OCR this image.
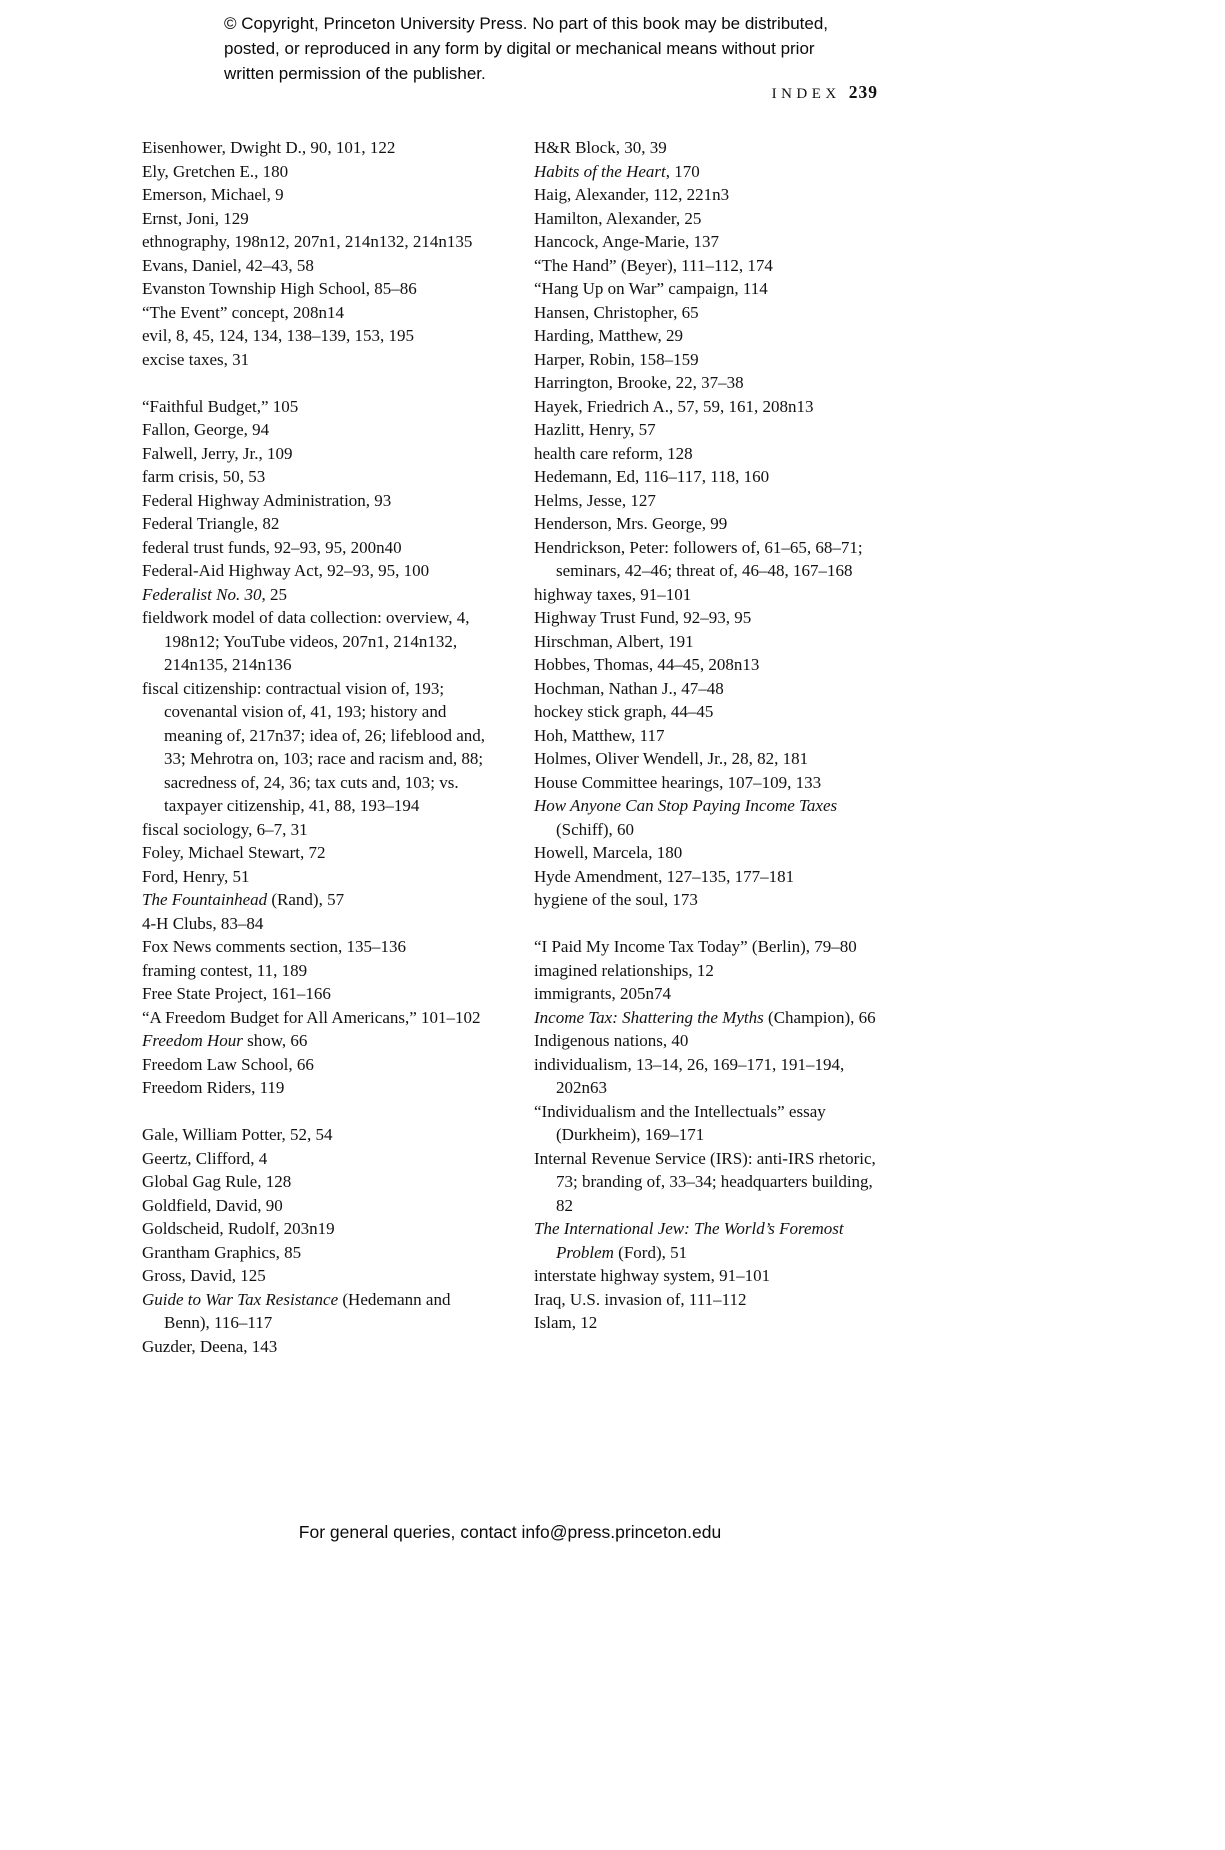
© Copyright, Princeton University Press. No part of this book may be distributed, posted, or reproduced in any form by digital or mechanical means without prior written permission of the publisher.
INDEX 239

Eisenhower, Dwight D., 90, 101, 122

Ely, Gretchen E., 180

Emerson, Michael, 9

Ernst, Joni, 129

ethnography, 198n12, 207n1, 214n132, 214n135

Evans, Daniel, 42–43, 58

Evanston Township High School, 85–86

“The Event” concept, 208n14

evil, 8, 45, 124, 134, 138–139, 153, 195

excise taxes, 31

“Faithful Budget,” 105

Fallon, George, 94

Falwell, Jerry, Jr., 109

farm crisis, 50, 53

Federal Highway Administration, 93

Federal Triangle, 82

federal trust funds, 92–93, 95, 200n40

Federal-Aid Highway Act, 92–93, 95, 100

Federalist No. 30, 25

fieldwork model of data collection: overview, 4, 198n12; YouTube videos, 207n1, 214n132, 214n135, 214n136

fiscal citizenship: contractual vision of, 193; covenantal vision of, 41, 193; history and meaning of, 217n37; idea of, 26; lifeblood and, 33; Mehrotra on, 103; race and racism and, 88; sacredness of, 24, 36; tax cuts and, 103; vs. taxpayer citizenship, 41, 88, 193–194

fiscal sociology, 6–7, 31

Foley, Michael Stewart, 72

Ford, Henry, 51

The Fountainhead (Rand), 57

4-H Clubs, 83–84

Fox News comments section, 135–136

framing contest, 11, 189

Free State Project, 161–166

“A Freedom Budget for All Americans,” 101–102

Freedom Hour show, 66

Freedom Law School, 66

Freedom Riders, 119

Gale, William Potter, 52, 54

Geertz, Clifford, 4

Global Gag Rule, 128

Goldfield, David, 90

Goldscheid, Rudolf, 203n19

Grantham Graphics, 85

Gross, David, 125

Guide to War Tax Resistance (Hedemann and Benn), 116–117

Guzder, Deena, 143

H&R Block, 30, 39

Habits of the Heart, 170

Haig, Alexander, 112, 221n3

Hamilton, Alexander, 25

Hancock, Ange-Marie, 137

“The Hand” (Beyer), 111–112, 174

“Hang Up on War” campaign, 114

Hansen, Christopher, 65

Harding, Matthew, 29

Harper, Robin, 158–159

Harrington, Brooke, 22, 37–38

Hayek, Friedrich A., 57, 59, 161, 208n13

Hazlitt, Henry, 57

health care reform, 128

Hedemann, Ed, 116–117, 118, 160

Helms, Jesse, 127

Henderson, Mrs. George, 99

Hendrickson, Peter: followers of, 61–65, 68–71; seminars, 42–46; threat of, 46–48, 167–168

highway taxes, 91–101

Highway Trust Fund, 92–93, 95

Hirschman, Albert, 191

Hobbes, Thomas, 44–45, 208n13

Hochman, Nathan J., 47–48

hockey stick graph, 44–45

Hoh, Matthew, 117

Holmes, Oliver Wendell, Jr., 28, 82, 181

House Committee hearings, 107–109, 133

How Anyone Can Stop Paying Income Taxes (Schiff), 60

Howell, Marcela, 180

Hyde Amendment, 127–135, 177–181

hygiene of the soul, 173

“I Paid My Income Tax Today” (Berlin), 79–80

imagined relationships, 12

immigrants, 205n74

Income Tax: Shattering the Myths (Champion), 66

Indigenous nations, 40

individualism, 13–14, 26, 169–171, 191–194, 202n63

“Individualism and the Intellectuals” essay (Durkheim), 169–171

Internal Revenue Service (IRS): anti-IRS rhetoric, 73; branding of, 33–34; headquarters building, 82

The International Jew: The World’s Foremost Problem (Ford), 51

interstate highway system, 91–101

Iraq, U.S. invasion of, 111–112

Islam, 12

For general queries, contact info@press.princeton.edu
